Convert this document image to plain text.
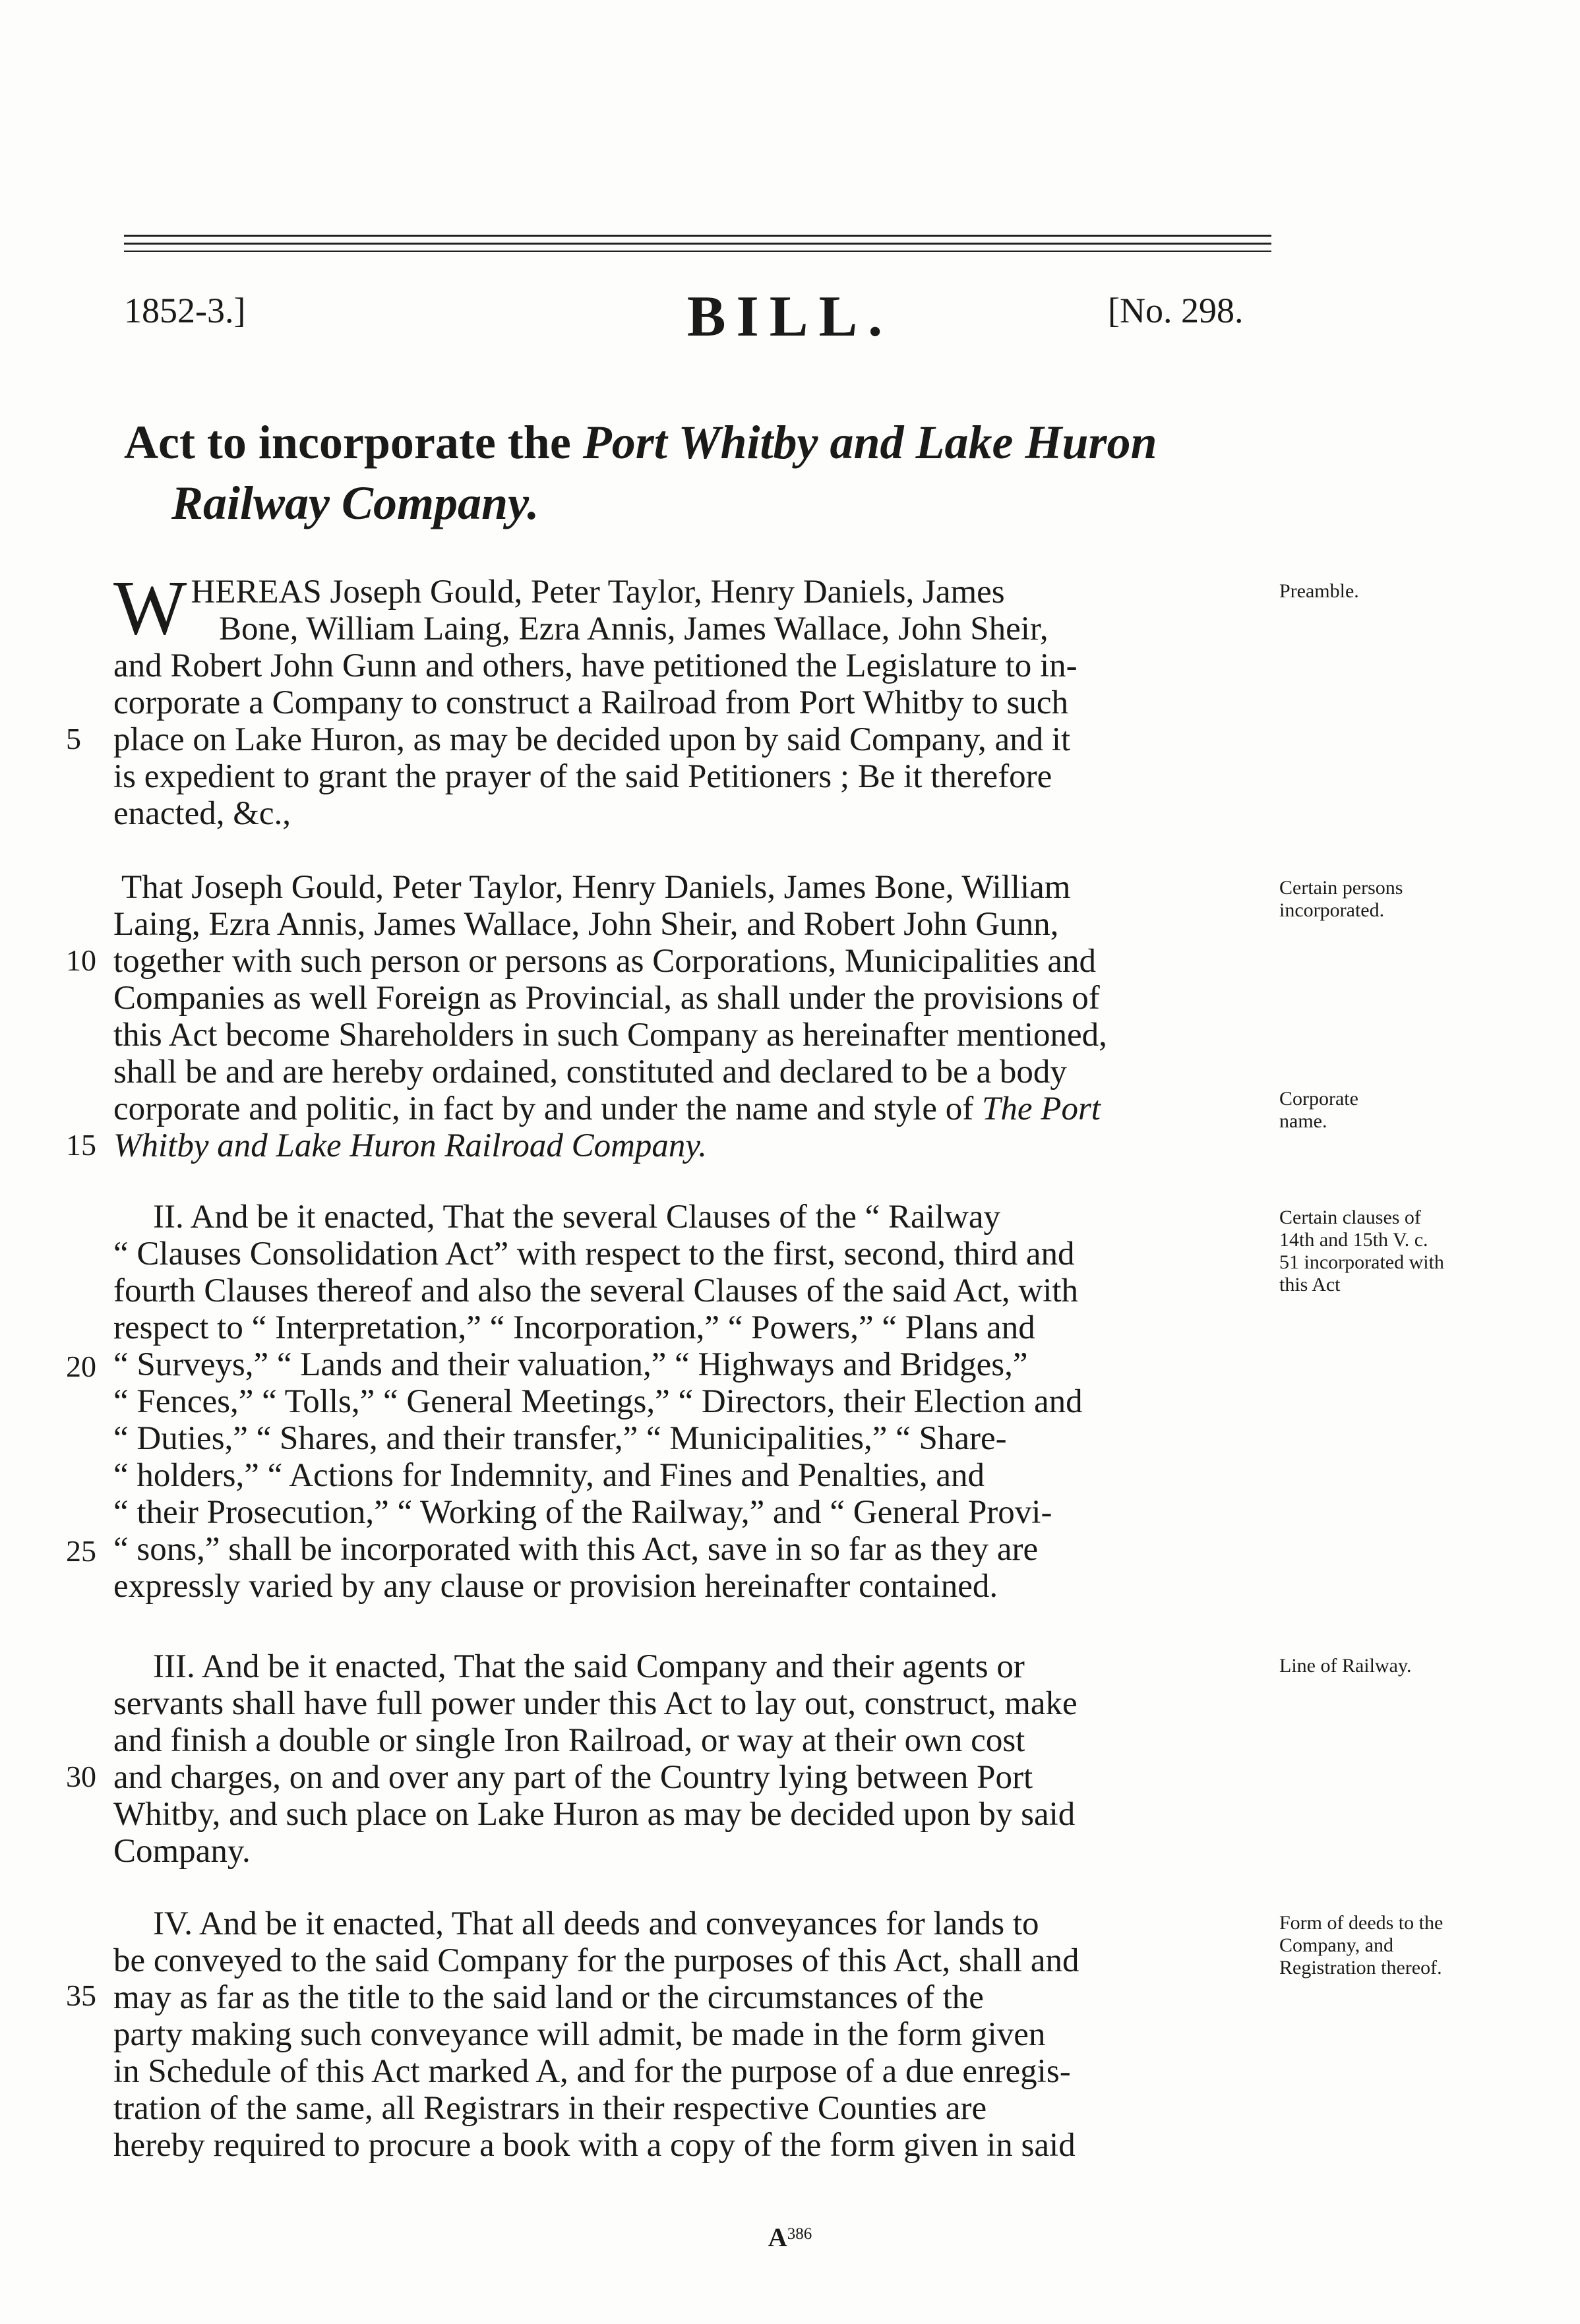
1852-3.]	BILL.	[No. 298.
Act to incorporate the Port Whitby and Lake Huron
Railway Company.
W HEREAS Joseph Gould, Peter Taylor, Henry Daniels, James
Bone, William Laing, Ezra Annis, James Wallace, John Sheir,
and Robert John Gunn and others, have petitioned the Legislature to in-
corporate a Company to construct a Railroad from Port Whitby to such
place on Lake Huron, as may be decided upon by said Company, and it
is expedient to grant the prayer of the said Petitioners ; Be it therefore
enacted, &c.,
That Joseph Gould, Peter Taylor, Henry Daniels, James Bone, William
Laing, Ezra Annis, James Wallace, John Sheir, and Robert John Gunn,
together with such person or persons as Corporations, Municipalities and
Companies as well Foreign as Provincial, as shall under the provisions of
this Act become Shareholders in such Company as hereinafter mentioned,
shall be and are hereby ordained, constituted and declared to be a body
corporate and politic, in fact by and under the name and style of The Port
Whitby and Lake Huron Railroad Company.
II. And be it enacted, That the several Clauses of the “ Railway
“ Clauses Consolidation Act” with respect to the first, second, third and
fourth Clauses thereof and also the several Clauses of the said Act, with
respect to “ Interpretation,” “ Incorporation,” “ Powers,” “ Plans and
“ Surveys,” “ Lands and their valuation,” “ Highways and Bridges,”
“ Fences,” “ Tolls,” “ General Meetings,” “ Directors, their Election and
“ Duties,” “ Shares, and their transfer,” “ Municipalities,” “ Share-
“ holders,” “ Actions for Indemnity, and Fines and Penalties, and
“ their Prosecution,” “ Working of the Railway,” and “ General Provi-
“ sons,” shall be incorporated with this Act, save in so far as they are
expressly varied by any clause or provision hereinafter contained.
III. And be it enacted, That the said Company and their agents or
servants shall have full power under this Act to lay out, construct, make
and finish a double or single Iron Railroad, or way at their own cost
and charges, on and over any part of the Country lying between Port
Whitby, and such place on Lake Huron as may be decided upon by said
Company.
IV. And be it enacted, That all deeds and conveyances for lands to
be conveyed to the said Company for the purposes of this Act, shall and
may as far as the title to the said land or the circumstances of the
party making such conveyance will admit, be made in the form given
in Schedule of this Act marked A, and for the purpose of a due enregis-
tration of the same, all Registrars in their respective Counties are
hereby required to procure a book with a copy of the form given in said
5
10
15
20
25
30
35
Preamble.
Certain persons incorporated.
Corporate name.
Certain clauses of 14th and 15th V. c. 51 incorporated with this Act
Line of Railway.
Form of deeds to the Company, and Registration thereof.
$A^{386}$
